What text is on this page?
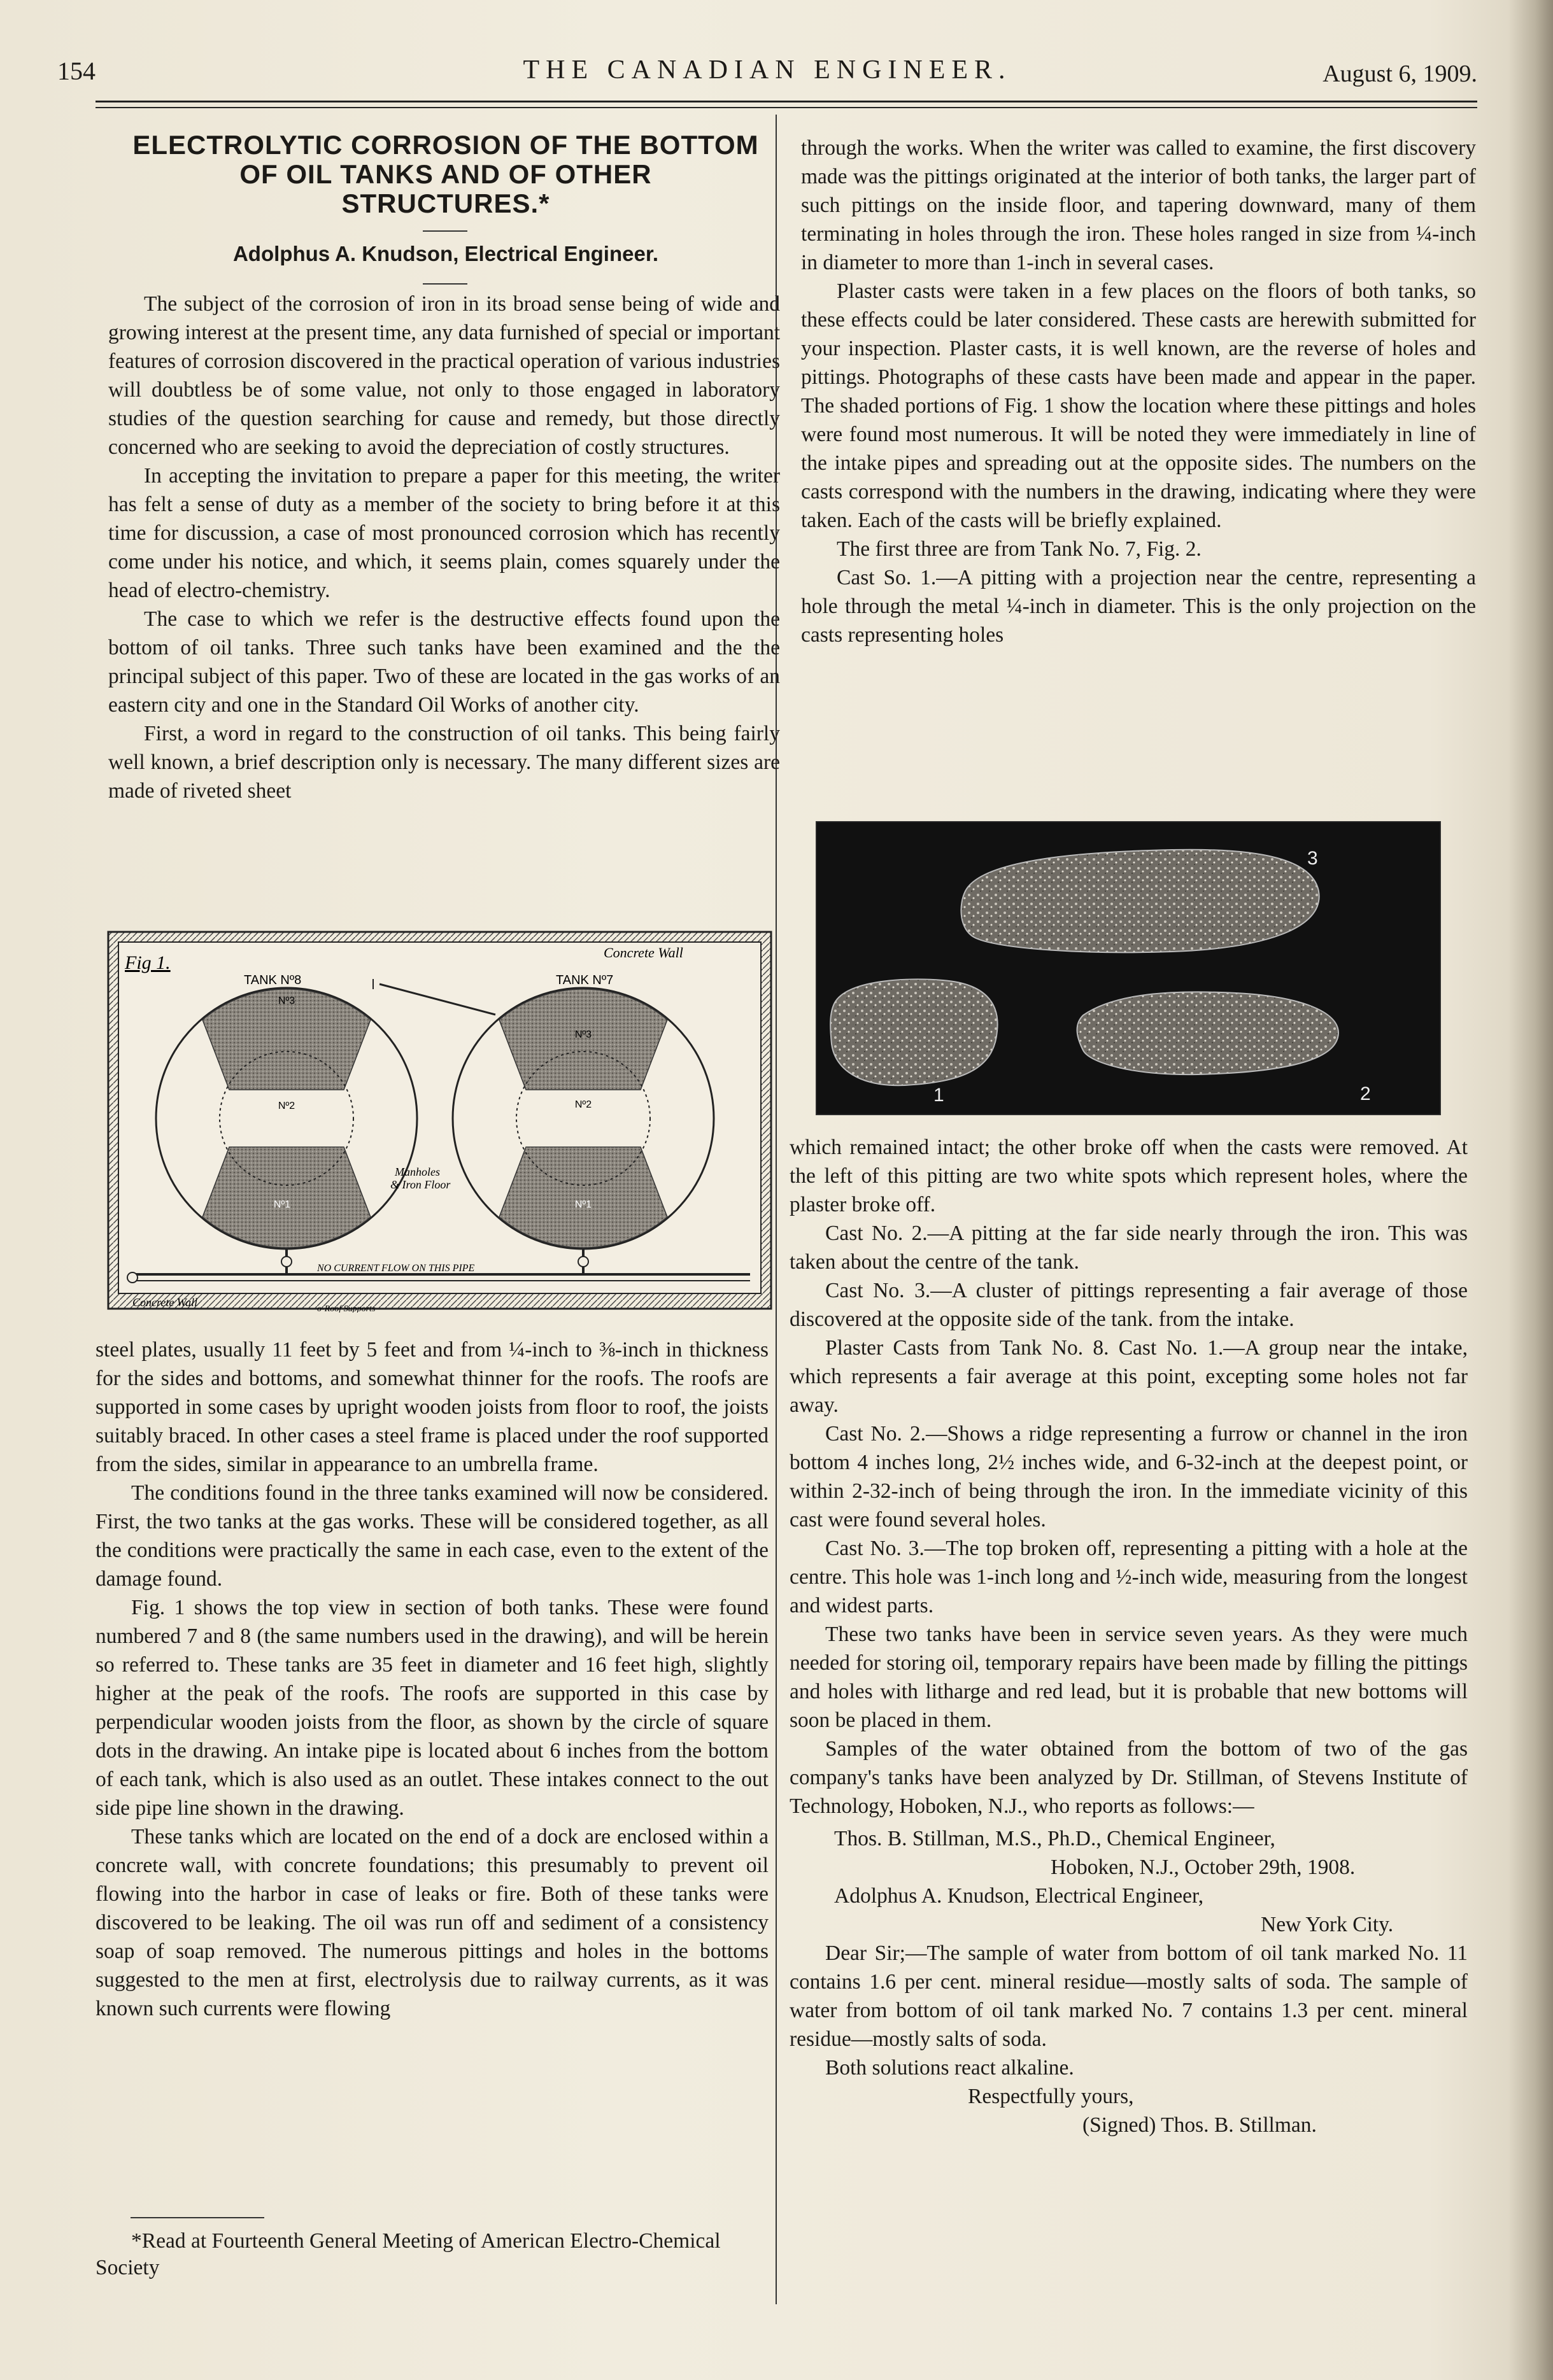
154	THE CANADIAN ENGINEER.	August 6, 1909.
ELECTROLYTIC CORROSION OF THE BOTTOM
OF OIL TANKS AND OF OTHER
STRUCTURES.*
Adolphus A. Knudson, Electrical Engineer.

The subject of the corrosion of iron in its broad sense being of wide and growing interest at the present time, any data furnished of special or important features of corrosion discovered in the practical operation of various industries will doubtless be of some value, not only to those engaged in laboratory studies of the question searching for cause and remedy, but those directly concerned who are seeking to avoid the depreciation of costly structures.

In accepting the invitation to prepare a paper for this meeting, the writer has felt a sense of duty as a member of the society to bring before it at this time for discussion, a case of most pronounced corrosion which has recently come under his notice, and which, it seems plain, comes squarely under the head of electro-chemistry.

The case to which we refer is the destructive effects found upon the bottom of oil tanks. Three such tanks have been examined and the the principal subject of this paper. Two of these are located in the gas works of an eastern city and one in the Standard Oil Works of another city.

First, a word in regard to the construction of oil tanks. This being fairly well known, a brief description only is necessary. The many different sizes are made of riveted sheet

Fig 1.	Concrete Wall
TANK Nº8	TANK Nº7
Nº3
Nº2
Nº1
Nº3
Nº2
Nº1
Manholes
& Iron Floor
NO CURRENT FLOW ON THIS PIPE
Concrete Wall
o-Roof Supports

steel plates, usually 11 feet by 5 feet and from ¼-inch to ⅜-inch in thickness for the sides and bottoms, and somewhat thinner for the roofs. The roofs are supported in some cases by upright wooden joists from floor to roof, the joists suitably braced. In other cases a steel frame is placed under the roof supported from the sides, similar in appearance to an umbrella frame.

The conditions found in the three tanks examined will now be considered. First, the two tanks at the gas works. These will be considered together, as all the conditions were practically the same in each case, even to the extent of the damage found.

Fig. 1 shows the top view in section of both tanks. These were found numbered 7 and 8 (the same numbers used in the drawing), and will be herein so referred to. These tanks are 35 feet in diameter and 16 feet high, slightly higher at the peak of the roofs. The roofs are supported in this case by perpendicular wooden joists from the floor, as shown by the circle of square dots in the drawing. An intake pipe is located about 6 inches from the bottom of each tank, which is also used as an outlet. These intakes connect to the out side pipe line shown in the drawing.

These tanks which are located on the end of a dock are enclosed within a concrete wall, with concrete foundations; this presumably to prevent oil flowing into the harbor in case of leaks or fire. Both of these tanks were discovered to be leaking. The oil was run off and sediment of a consistency soap of soap removed. The numerous pittings and holes in the bottoms suggested to the men at first, electrolysis due to railway currents, as it was known such currents were flowing

*Read at Fourteenth General Meeting of American Electro-Chemical Society

through the works. When the writer was called to examine, the first discovery made was the pittings originated at the interior of both tanks, the larger part of such pittings on the inside floor, and tapering downward, many of them terminating in holes through the iron. These holes ranged in size from ¼-inch in diameter to more than 1-inch in several cases.

Plaster casts were taken in a few places on the floors of both tanks, so these effects could be later considered. These casts are herewith submitted for your inspection. Plaster casts, it is well known, are the reverse of holes and pittings. Photographs of these casts have been made and appear in the paper. The shaded portions of Fig. 1 show the location where these pittings and holes were found most numerous. It will be noted they were immediately in line of the intake pipes and spreading out at the opposite sides. The numbers on the casts correspond with the numbers in the drawing, indicating where they were taken. Each of the casts will be briefly explained.

The first three are from Tank No. 7, Fig. 2.

Cast So. 1.—A pitting with a projection near the centre, representing a hole through the metal ¼-inch in diameter. This is the only projection on the casts representing holes

3
1	2

which remained intact; the other broke off when the casts were removed. At the left of this pitting are two white spots which represent holes, where the plaster broke off.

Cast No. 2.—A pitting at the far side nearly through the iron. This was taken about the centre of the tank.

Cast No. 3.—A cluster of pittings representing a fair average of those discovered at the opposite side of the tank. from the intake.

Plaster Casts from Tank No. 8. Cast No. 1.—A group near the intake, which represents a fair average at this point, excepting some holes not far away.

Cast No. 2.—Shows a ridge representing a furrow or channel in the iron bottom 4 inches long, 2½ inches wide, and 6-32-inch at the deepest point, or within 2-32-inch of being through the iron. In the immediate vicinity of this cast were found several holes.

Cast No. 3.—The top broken off, representing a pitting with a hole at the centre. This hole was 1-inch long and ½-inch wide, measuring from the longest and widest parts.

These two tanks have been in service seven years. As they were much needed for storing oil, temporary repairs have been made by filling the pittings and holes with litharge and red lead, but it is probable that new bottoms will soon be placed in them.

Samples of the water obtained from the bottom of two of the gas company's tanks have been analyzed by Dr. Stillman, of Stevens Institute of Technology, Hoboken, N.J., who reports as follows:—

Thos. B. Stillman, M.S., Ph.D., Chemical Engineer,
Hoboken, N.J., October 29th, 1908.
Adolphus A. Knudson, Electrical Engineer,
New York City.

Dear Sir;—The sample of water from bottom of oil tank marked No. 11 contains 1.6 per cent. mineral residue—mostly salts of soda. The sample of water from bottom of oil tank marked No. 7 contains 1.3 per cent. mineral residue—mostly salts of soda.

Both solutions react alkaline.

Respectfully yours,
(Signed) Thos. B. Stillman.
